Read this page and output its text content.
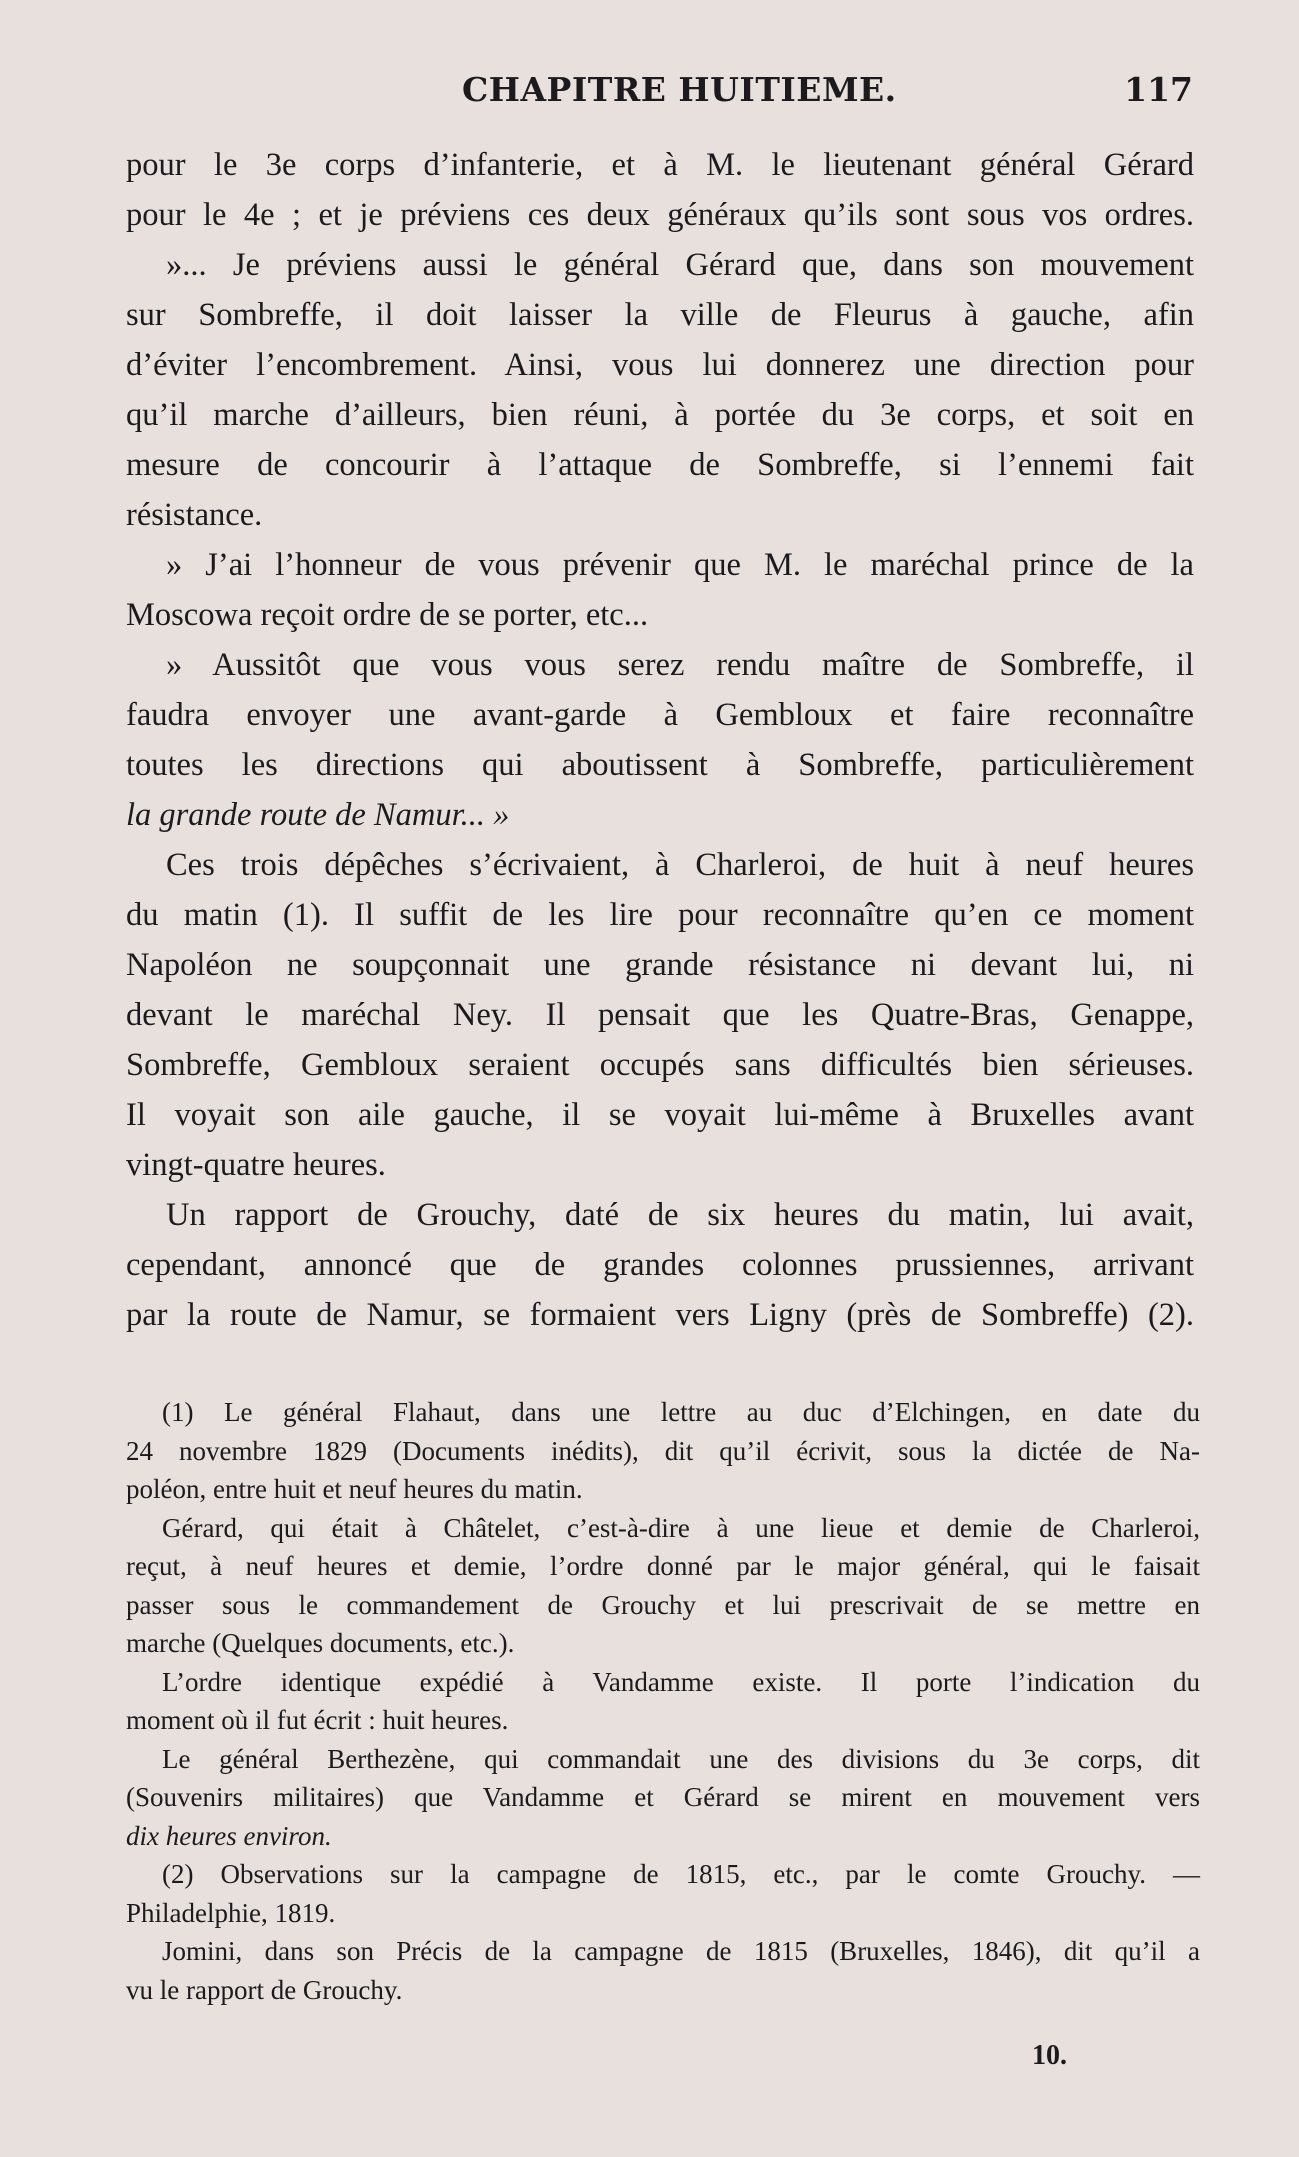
CHAPITRE HUITIEME.	117
pour le 3e corps d’infanterie, et à M. le lieutenant général Gérard
pour le 4e ; et je préviens ces deux généraux qu’ils sont sous vos ordres.
»... Je préviens aussi le général Gérard que, dans son mouvement
sur Sombreffe, il doit laisser la ville de Fleurus à gauche, afin
d’éviter l’encombrement. Ainsi, vous lui donnerez une direction pour
qu’il marche d’ailleurs, bien réuni, à portée du 3e corps, et soit en
mesure de concourir à l’attaque de Sombreffe, si l’ennemi fait
résistance.
» J’ai l’honneur de vous prévenir que M. le maréchal prince de la
Moscowa reçoit ordre de se porter, etc...
» Aussitôt que vous vous serez rendu maître de Sombreffe, il
faudra envoyer une avant-garde à Gembloux et faire reconnaître
toutes les directions qui aboutissent à Sombreffe, particulièrement
la grande route de Namur... »
Ces trois dépêches s’écrivaient, à Charleroi, de huit à neuf heures
du matin (1). Il suffit de les lire pour reconnaître qu’en ce moment
Napoléon ne soupçonnait une grande résistance ni devant lui, ni
devant le maréchal Ney. Il pensait que les Quatre-Bras, Genappe,
Sombreffe, Gembloux seraient occupés sans difficultés bien sérieuses.
Il voyait son aile gauche, il se voyait lui-même à Bruxelles avant
vingt-quatre heures.
Un rapport de Grouchy, daté de six heures du matin, lui avait,
cependant, annoncé que de grandes colonnes prussiennes, arrivant
par la route de Namur, se formaient vers Ligny (près de Sombreffe) (2).
(1) Le général Flahaut, dans une lettre au duc d’Elchingen, en date du
24 novembre 1829 (Documents inédits), dit qu’il écrivit, sous la dictée de Na-
poléon, entre huit et neuf heures du matin.
Gérard, qui était à Châtelet, c’est-à-dire à une lieue et demie de Charleroi,
reçut, à neuf heures et demie, l’ordre donné par le major général, qui le faisait
passer sous le commandement de Grouchy et lui prescrivait de se mettre en
marche (Quelques documents, etc.).
L’ordre identique expédié à Vandamme existe. Il porte l’indication du
moment où il fut écrit : huit heures.
Le général Berthezène, qui commandait une des divisions du 3e corps, dit
(Souvenirs militaires) que Vandamme et Gérard se mirent en mouvement vers
dix heures environ.
(2) Observations sur la campagne de 1815, etc., par le comte Grouchy. —
Philadelphie, 1819.
Jomini, dans son Précis de la campagne de 1815 (Bruxelles, 1846), dit qu’il a
vu le rapport de Grouchy.
10.
